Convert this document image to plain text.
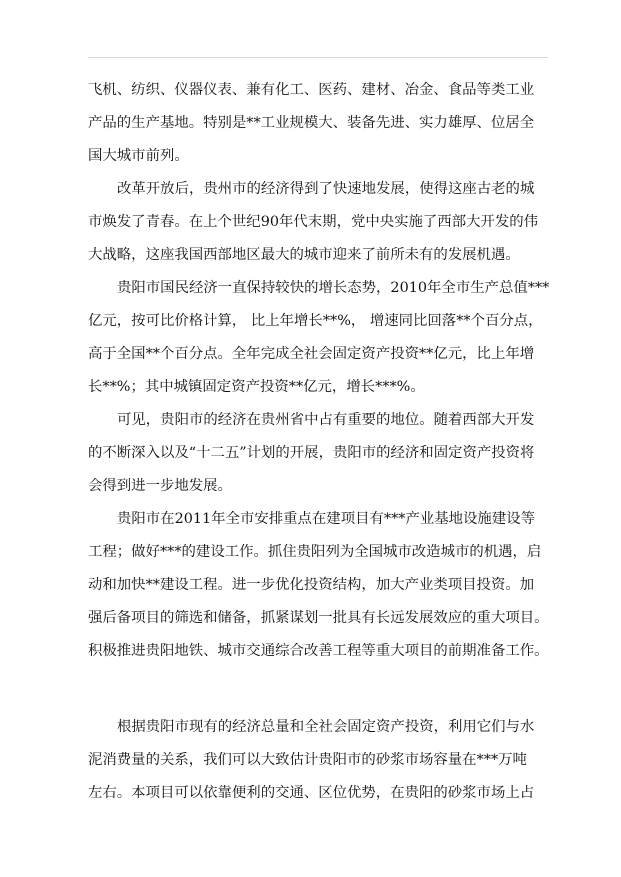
飞机、纺织、仪器仪表、兼有化工、医药、建材、冶金、食品等类工业
产品的生产基地。特别是**工业规模大、装备先进、实力雄厚、位居全
国大城市前列。
改革开放后，贵州市的经济得到了快速地发展，使得这座古老的城
市焕发了青春。在上个世纪90年代末期，党中央实施了西部大开发的伟
大战略，这座我国西部地区最大的城市迎来了前所未有的发展机遇。
贵阳市国民经济一直保持较快的增长态势，2010年全市生产总值***
亿元，按可比价格计算， 比上年增长**%， 增速同比回落**个百分点，
高于全国**个百分点。全年完成全社会固定资产投资**亿元，比上年增
长**%；其中城镇固定资产投资**亿元，增长***%。
可见，贵阳市的经济在贵州省中占有重要的地位。随着西部大开发
的不断深入以及“十二五”计划的开展，贵阳市的经济和固定资产投资将
会得到进一步地发展。
贵阳市在2011年全市安排重点在建项目有***产业基地设施建设等
工程；做好***的建设工作。抓住贵阳列为全国城市改造城市的机遇，启
动和加快**建设工程。进一步优化投资结构，加大产业类项目投资。加
强后备项目的筛选和储备，抓紧谋划一批具有长远发展效应的重大项目。
积极推进贵阳地铁、城市交通综合改善工程等重大项目的前期准备工作。
根据贵阳市现有的经济总量和全社会固定资产投资，利用它们与水
泥消费量的关系，我们可以大致估计贵阳市的砂浆市场容量在***万吨
左右。本项目可以依靠便利的交通、区位优势，在贵阳的砂浆市场上占
